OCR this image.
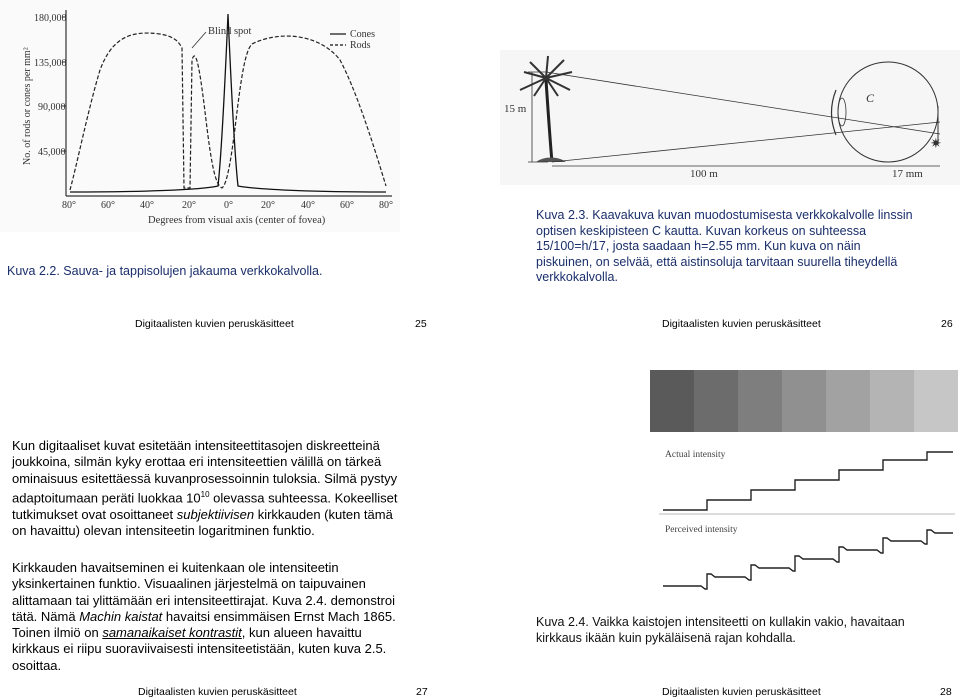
No. of rods or cones per mm²
180,000
135,000
90,000
45,000
80°	60°	40°	20°	0°	20°	40°	60°	80°
Degrees from visual axis (center of fovea)
Blind spot	Cones
Rods
Kuva 2.2. Sauva- ja tappisolujen jakauma verkkokalvolla.
15 m
C
✷
100 m	17 mm
Kuva 2.3. Kaavakuva kuvan muodostumisesta verkkokalvolle linssin
optisen keskipisteen C kautta. Kuvan korkeus on suhteessa
15/100=h/17, josta saadaan h=2.55 mm. Kun kuva on näin
piskuinen, on selvää, että aistinsoluja tarvitaan suurella tiheydellä
verkkokalvolla.
Digitaalisten kuvien peruskäsitteet	25	Digitaalisten kuvien peruskäsitteet	26
Kun digitaaliset kuvat esitetään intensiteettitasojen diskreetteinä
joukkoina, silmän kyky erottaa eri intensiteettien välillä on tärkeä
ominaisuus esitettäessä kuvanprosessoinnin tuloksia. Silmä pystyy
adaptoitumaan peräti luokkaa $10^{10}$ olevassa suhteessa. Kokeelliset
tutkimukset ovat osoittaneet subjektiivisen kirkkauden (kuten tämä
on havaittu) olevan intensiteetin logaritminen funktio.
Kirkkauden havaitseminen ei kuitenkaan ole intensiteetin
yksinkertainen funktio. Visuaalinen järjestelmä on taipuvainen
alittamaan tai ylittämään eri intensiteettirajat. Kuva 2.4. demonstroi
tätä. Nämä Machin kaistat havaitsi ensimmäisen Ernst Mach 1865.
Toinen ilmiö on samanaikaiset kontrastit, kun alueen havaittu
kirkkaus ei riipu suoraviivaisesti intensiteetistään, kuten kuva 2.5.
osoittaa.
Actual intensity
Perceived intensity
Kuva 2.4. Vaikka kaistojen intensiteetti on kullakin vakio, havaitaan
kirkkaus ikään kuin pykäläisenä rajan kohdalla.
Digitaalisten kuvien peruskäsitteet	27	Digitaalisten kuvien peruskäsitteet	28
